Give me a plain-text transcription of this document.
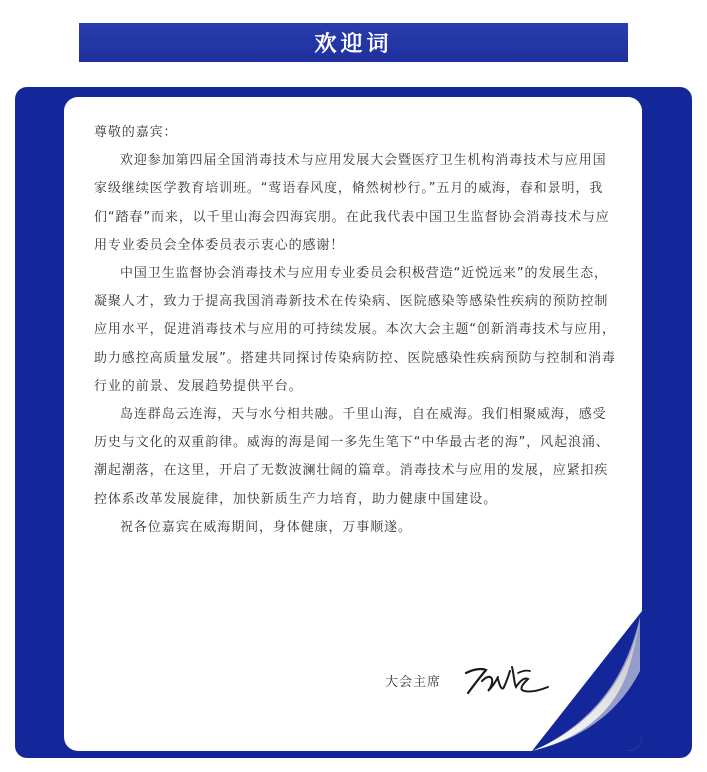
欢迎词

尊敬的嘉宾：

欢迎参加第四届全国消毒技术与应用发展大会暨医疗卫生机构消毒技术与应用国家级继续医学教育培训班。“莺语春风度，脩然树杪行。”五月的威海，春和景明，我们“踏春”而来，以千里山海会四海宾朋。在此我代表中国卫生监督协会消毒技术与应用专业委员会全体委员表示衷心的感谢！

中国卫生监督协会消毒技术与应用专业委员会积极营造“近悦远来”的发展生态，凝聚人才，致力于提高我国消毒新技术在传染病、医院感染等感染性疾病的预防控制应用水平，促进消毒技术与应用的可持续发展。本次大会主题“创新消毒技术与应用，助力感控高质量发展”。搭建共同探讨传染病防控、医院感染性疾病预防与控制和消毒行业的前景、发展趋势提供平台。

岛连群岛云连海，天与水兮相共融。千里山海，自在威海。我们相聚威海，感受历史与文化的双重韵律。威海的海是闻一多先生笔下“中华最古老的海”，风起浪涌、潮起潮落，在这里，开启了无数波澜壮阔的篇章。消毒技术与应用的发展，应紧扣疾控体系改革发展旋律，加快新质生产力培育，助力健康中国建设。

祝各位嘉宾在威海期间，身体健康，万事顺遂。

大会主席
